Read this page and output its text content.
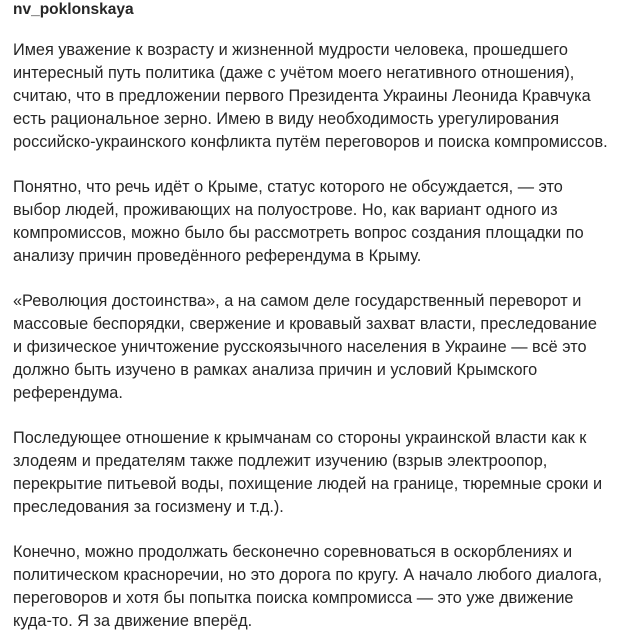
nv_poklonskaya

Имея уважение к возрасту и жизненной мудрости человека, прошедшего интересный путь политика (даже с учётом моего негативного отношения), считаю, что в предложении первого Президента Украины Леонида Кравчука есть рациональное зерно. Имею в виду необходимость урегулирования российско-украинского конфликта путём переговоров и поиска компромиссов.

Понятно, что речь идёт о Крыме, статус которого не обсуждается, — это выбор людей, проживающих на полуострове. Но, как вариант одного из компромиссов, можно было бы рассмотреть вопрос создания площадки по анализу причин проведённого референдума в Крыму.

«Революция достоинства», а на самом деле государственный переворот и массовые беспорядки, свержение и кровавый захват власти, преследование и физическое уничтожение русскоязычного населения в Украине — всё это должно быть изучено в рамках анализа причин и условий Крымского референдума.

Последующее отношение к крымчанам со стороны украинской власти как к злодеям и предателям также подлежит изучению (взрыв электроопор, перекрытие питьевой воды, похищение людей на границе, тюремные сроки и преследования за госизмену и т.д.).

Конечно, можно продолжать бесконечно соревноваться в оскорблениях и политическом красноречии, но это дорога по кругу. А начало любого диалога, переговоров и хотя бы попытка поиска компромисса — это уже движение куда-то. Я за движение вперёд.
